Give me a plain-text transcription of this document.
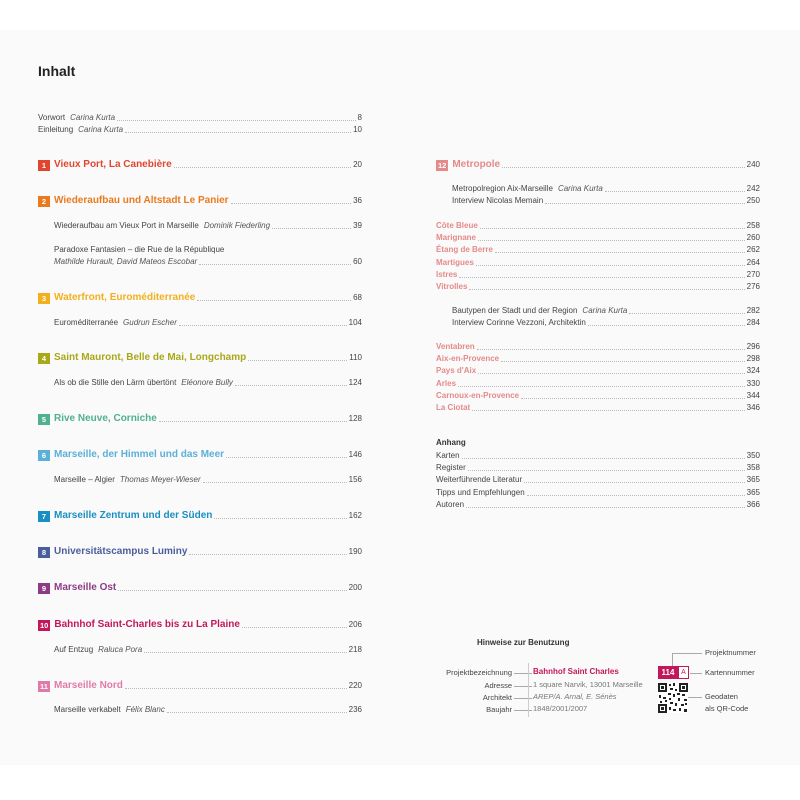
Inhalt
Vorwort Carina Kurta	8
Einleitung Carina Kurta	10
1 Vieux Port, La Canebière	20
2 Wiederaufbau und Altstadt Le Panier	36
Wiederaufbau am Vieux Port in Marseille Dominik Fiederling	39
Paradoxe Fantasien – die Rue de la République
Mathilde Hurault, David Mateos Escobar	60
3 Waterfront, Euroméditerranée	68
Euroméditerranée Gudrun Escher	104
4 Saint Mauront, Belle de Mai, Longchamp	110
Als ob die Stille den Lärm übertönt Eléonore Bully	124
5 Rive Neuve, Corniche	128
6 Marseille, der Himmel und das Meer	146
Marseille – Algier Thomas Meyer-Wieser	156
7 Marseille Zentrum und der Süden	162
8 Universitätscampus Luminy	190
9 Marseille Ost	200
10 Bahnhof Saint-Charles bis zu La Plaine	206
Auf Entzug Raluca Pora	218
11 Marseille Nord	220
Marseille verkabelt Félix Blanc	236
12 Metropole	240
Metropolregion Aix-Marseille Carina Kurta	242
Interview Nicolas Memain	250
Côte Bleue	258
Marignane	260
Étang de Berre	262
Martigues	264
Istres	270
Vitrolles	276
Bautypen der Stadt und der Region Carina Kurta	282
Interview Corinne Vezzoni, Architektin	284
Ventabren	296
Aix-en-Provence	298
Pays d'Aix	324
Arles	330
Carnoux-en-Provence	344
La Ciotat	346
Anhang
Karten	350
Register	358
Weiterführende Literatur	365
Tipps und Empfehlungen	365
Autoren	366
Hinweise zur Benutzung
Projektbezeichnung
Adresse
Architekt
Baujahr
Bahnhof Saint Charles
1 square Narvik, 13001 Marseille
AREP/A. Arnal, E. Sénès
1848/2001/2007
114 A
Projektnummer
Kartennummer
Geodaten
als QR-Code
